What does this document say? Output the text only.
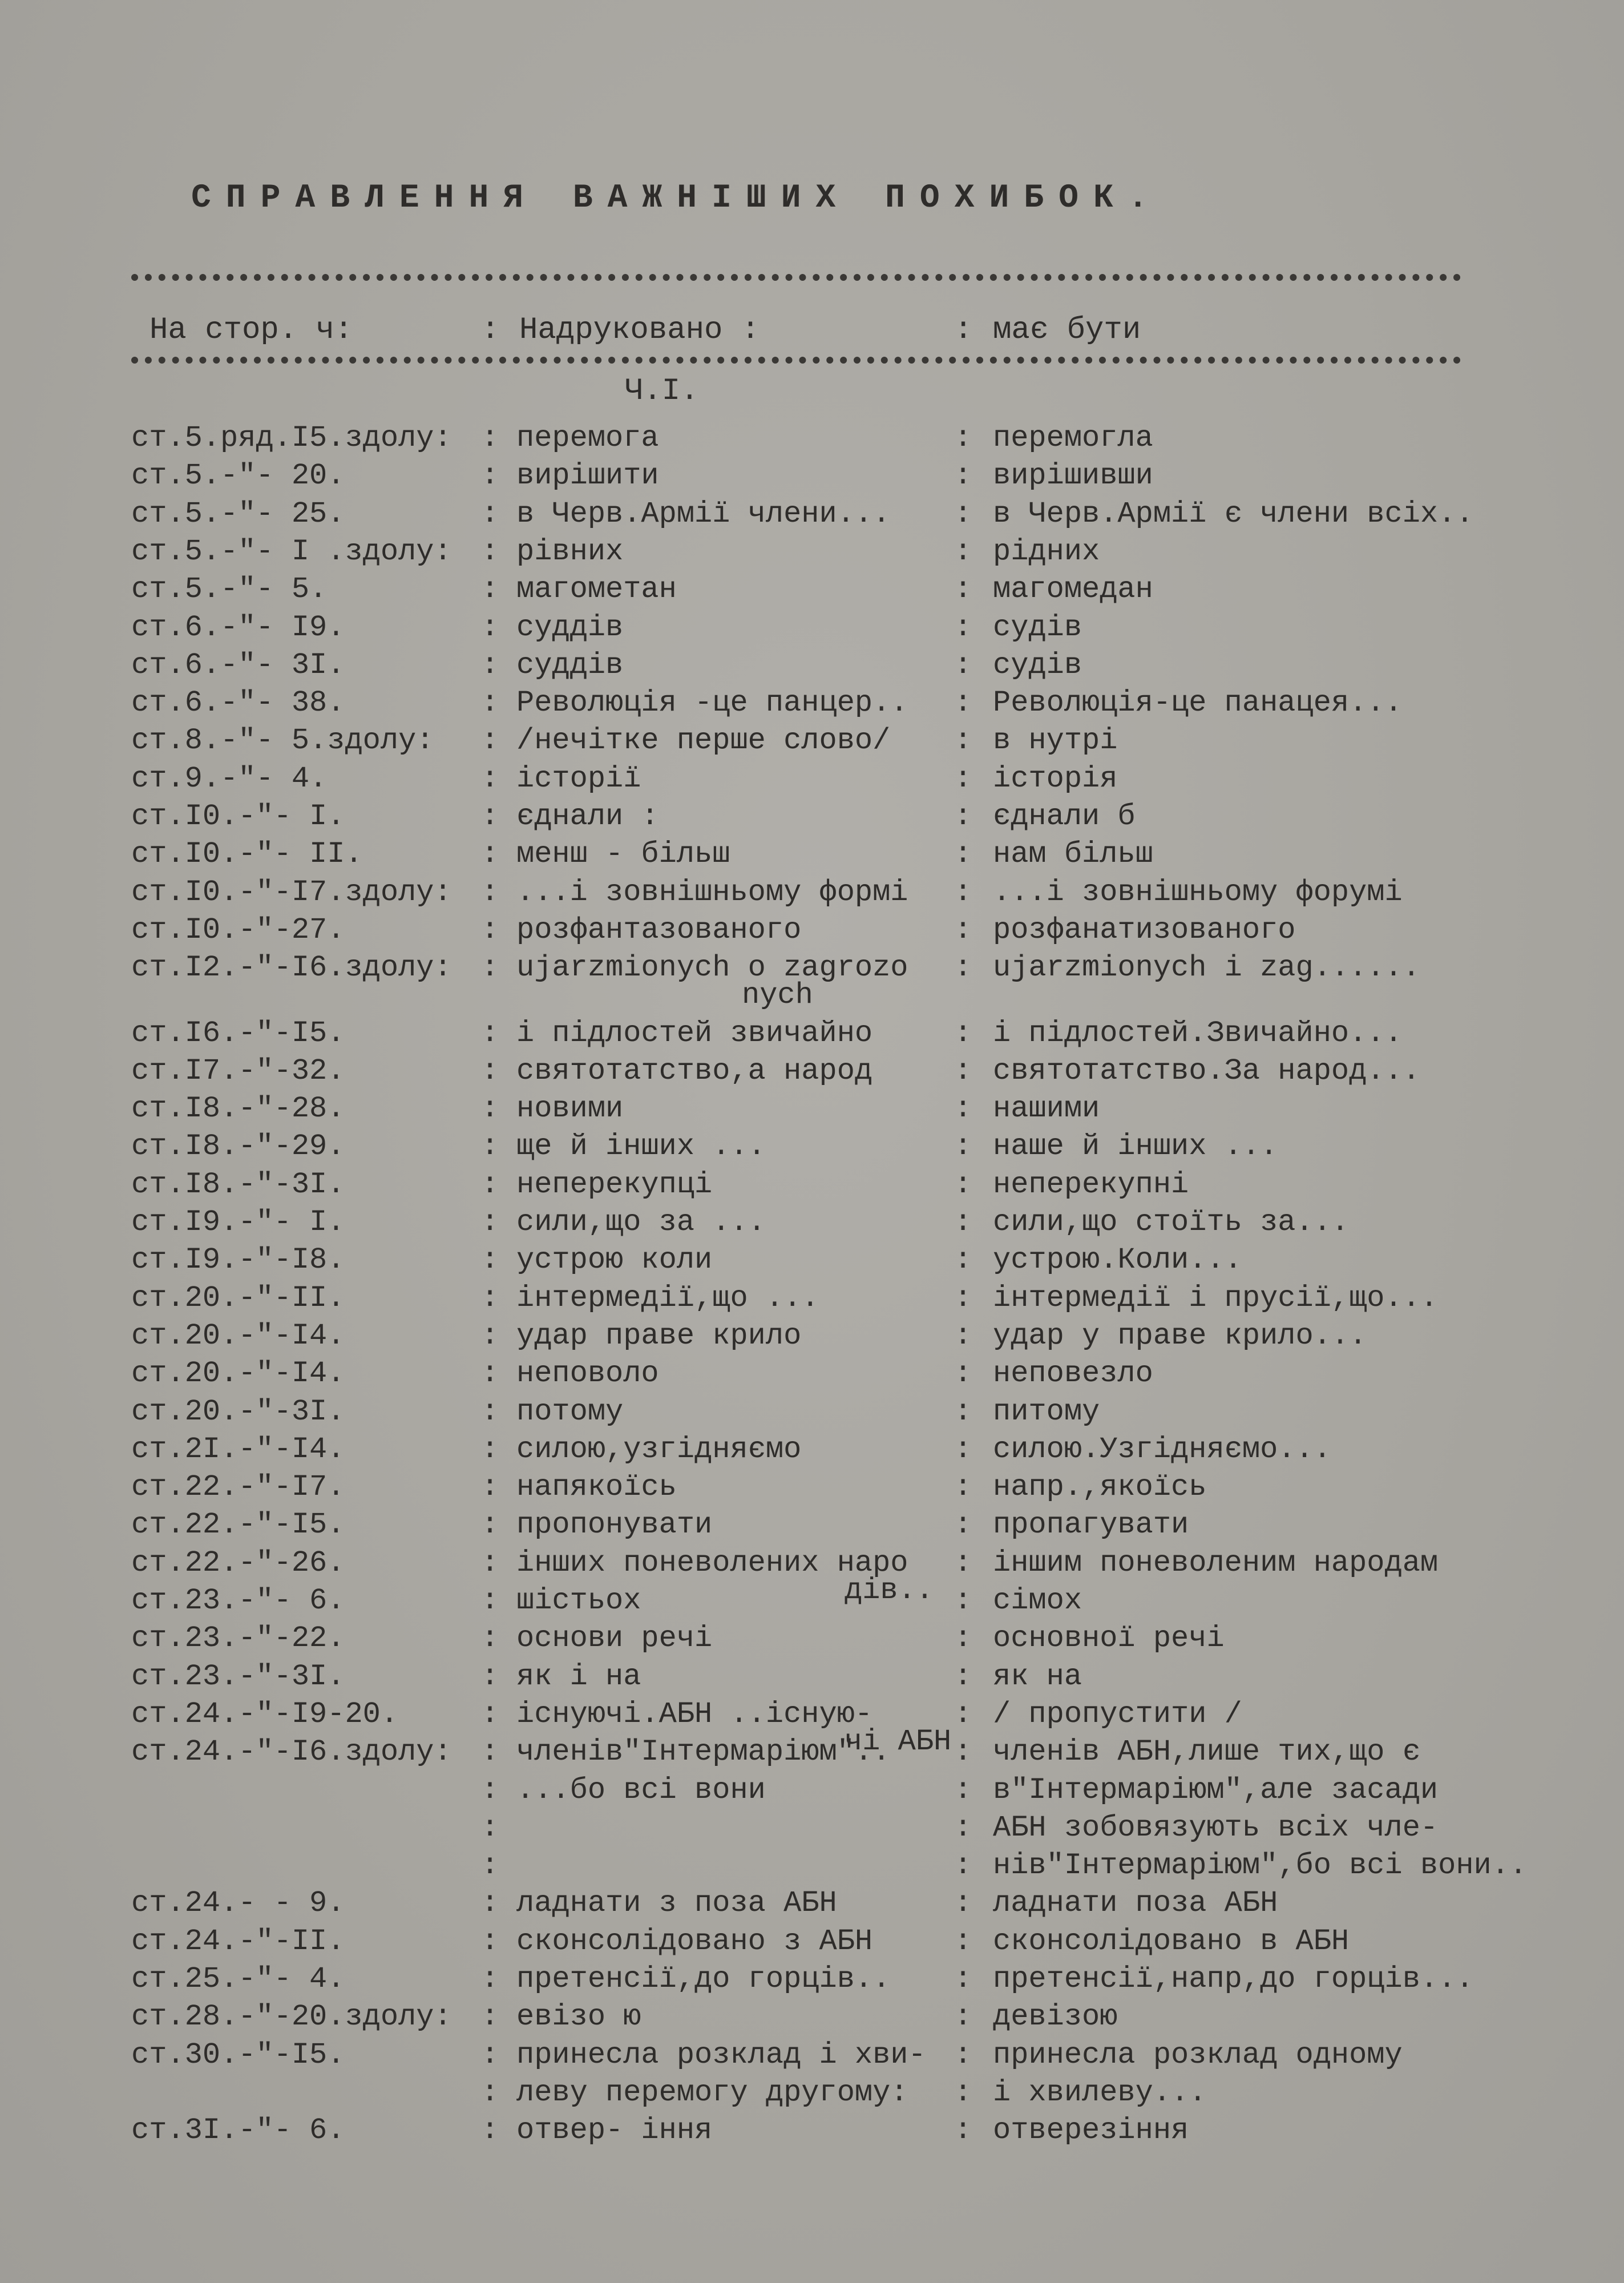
СПРАВЛЕННЯ ВАЖНІШИХ ПОХИБОК.
На стор. ч:	: Надруковано :	: має бути
Ч.І.
ст.5.ряд.І5.здолу: : перемога	: перемогла
ст.5.-"- 20.	: вирішити	: вирішивши
ст.5.-"- 25.	: в Черв.Армії члени... : в Черв.Армії є члени всіх..
ст.5.-"- І .здолу: : рівних	: рідних
ст.5.-"- 5.	: магометан	: магомедан
ст.6.-"- І9.	: суддів	: судів
ст.6.-"- 3І.	: суддів	: судів
ст.6.-"- 38.	: Революція -це панцер.. : Революція-це панацея...
ст.8.-"- 5.здолу: : /нечітке перше слово/ : в нутрі
ст.9.-"- 4.	: історії	: історія
ст.І0.-"- І.	: єднали :	: єднали б
ст.І0.-"- ІІ.	: менш - більш	: нам більш
ст.І0.-"-І7.здолу: : ...і зовнішньому формі : ...і зовнішньому форумі
ст.І0.-"-27.	: розфантазованого	: розфанатизованого
ст.І2.-"-І6.здолу: : ujarzmionych o zagrozo : ujarzmionych i zag......
nych
ст.І6.-"-І5.	: і підлостей звичайно	: і підлостей.Звичайно...
ст.І7.-"-32.	: святотатство,а народ	: святотатство.За народ...
ст.І8.-"-28.	: новими	: нашими
ст.І8.-"-29.	: ще й інших ...	: наше й інших ...
ст.І8.-"-3І.	: неперекупці	: неперекупні
ст.І9.-"- І.	: сили,що за ...	: сили,що стоїть за...
ст.І9.-"-І8.	: устрою коли	: устрою.Коли...
ст.20.-"-ІІ.	: інтермедії,що ...	: інтермедії і прусії,що...
ст.20.-"-І4.	: удар праве крило	: удар у праве крило...
ст.20.-"-І4.	: неповоло	: неповезло
ст.20.-"-3І.	: потому	: питому
ст.2І.-"-І4.	: силою,узгідняємо	: силою.Узгідняємо...
ст.22.-"-І7.	: напякоїсь	: напр.,якоїсь
ст.22.-"-І5.	: пропонувати	: пропагувати
ст.22.-"-26.	: інших поневолених наро : іншим поневоленим народам
дів..
ст.23.-"- 6.	: шістьох	: сімох
ст.23.-"-22.	: основи речі	: основної речі
ст.23.-"-3І.	: як і на	: як на
ст.24.-"-І9-20.	: існуючі.АБН ..існую-	: / пропустити /
чі АБН
ст.24.-"-І6.здолу: : членів"Інтермаріюм".. : членів АБН,лише тих,що є
: ...бо всі вони	: в"Інтермаріюм",але засади
:	: АБН зобовязують всіх чле-
:	: нів"Інтермаріюм",бо всі вони..
ст.24.- - 9.	: ладнати з поза АБН	: ладнати поза АБН
ст.24.-"-ІІ.	: сконсолідовано з АБН	: сконсолідовано в АБН
ст.25.-"- 4.	: претенсії,до горців.. : претенсії,напр,до горців...
ст.28.-"-20.здолу: : евізо ю	: девізою
ст.30.-"-І5.	: принесла розклад і хви- : принесла розклад одному
: леву перемогу другому: : і хвилеву...
ст.3І.-"- 6.	: отвер- іння	: отверезіння
